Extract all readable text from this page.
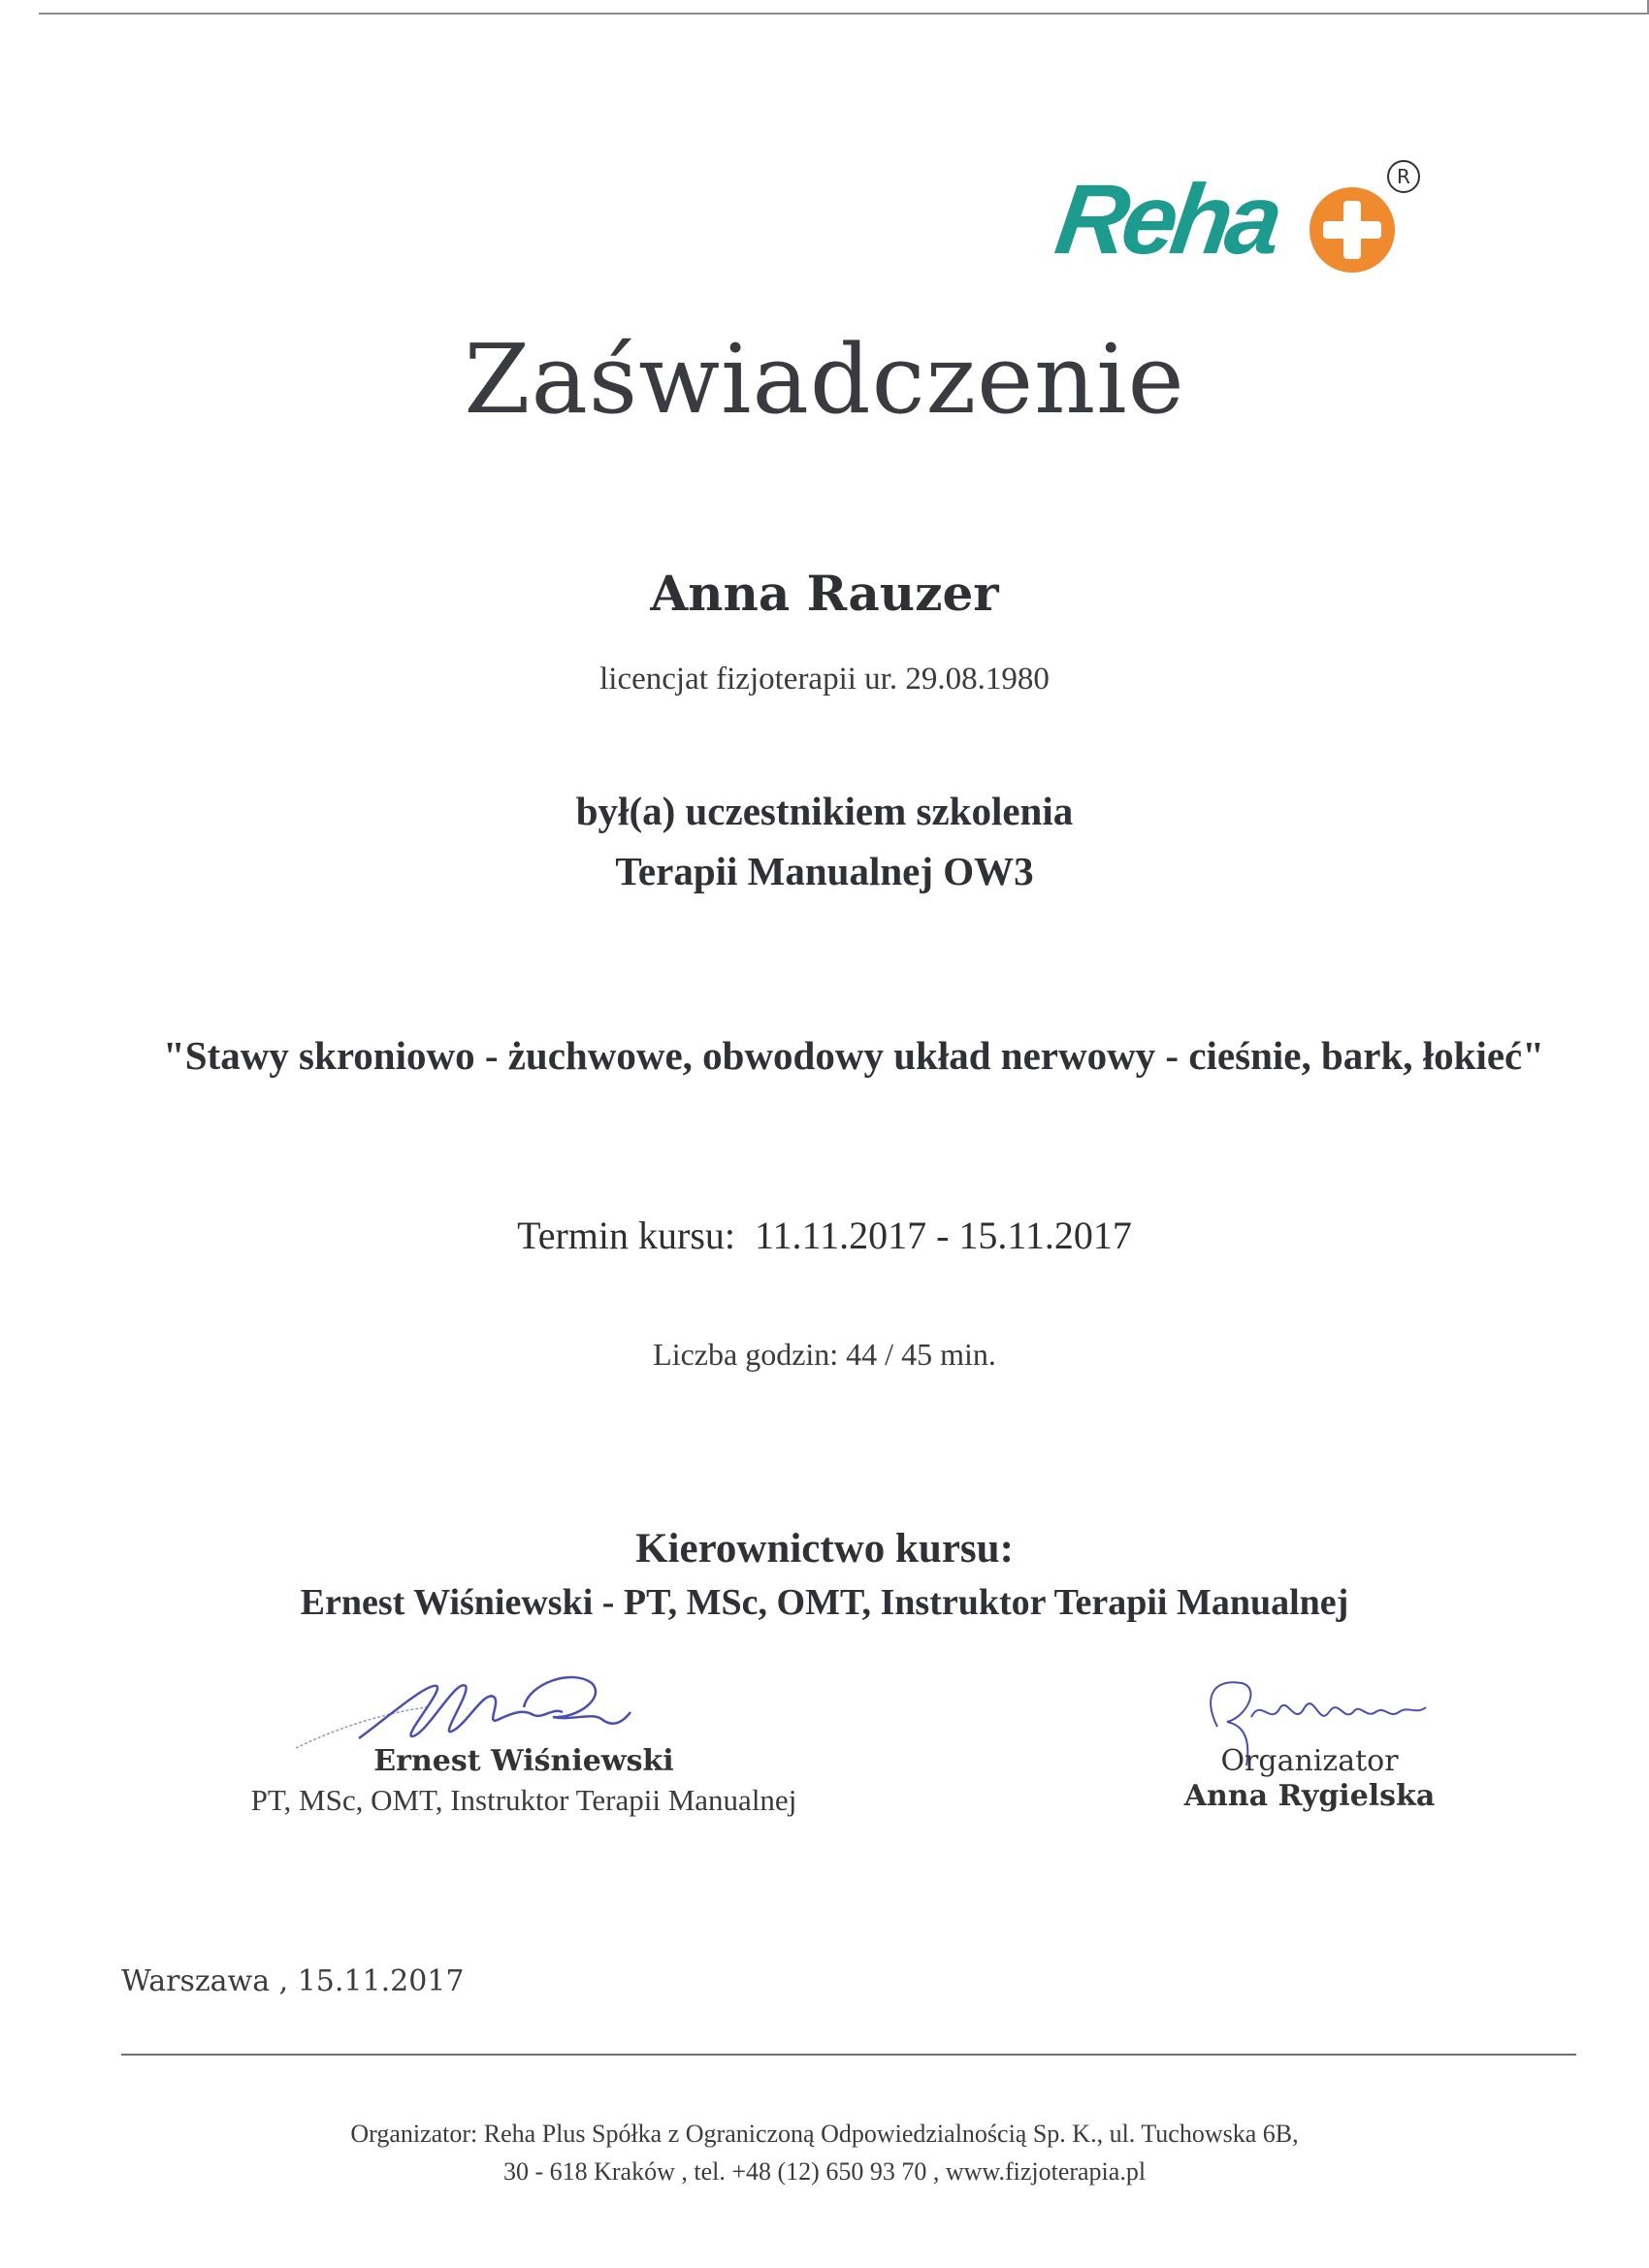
Reha	R
Zaświadczenie
Anna Rauzer
licencjat fizjoterapii ur. 29.08.1980
był(a) uczestnikiem szkolenia
Terapii Manualnej OW3
"Stawy skroniowo - żuchwowe, obwodowy układ nerwowy - cieśnie, bark, łokieć"
Termin kursu: 11.11.2017 - 15.11.2017
Liczba godzin: 44 / 45 min.
Kierownictwo kursu:
Ernest Wiśniewski - PT, MSc, OMT, Instruktor Terapii Manualnej
Ernest Wiśniewski
PT, MSc, OMT, Instruktor Terapii Manualnej
Organizator
Anna Rygielska
Warszawa , 15.11.2017
Organizator: Reha Plus Spółka z Ograniczoną Odpowiedzialnością Sp. K., ul. Tuchowska 6B,
30 - 618 Kraków , tel. +48 (12) 650 93 70 , www.fizjoterapia.pl
